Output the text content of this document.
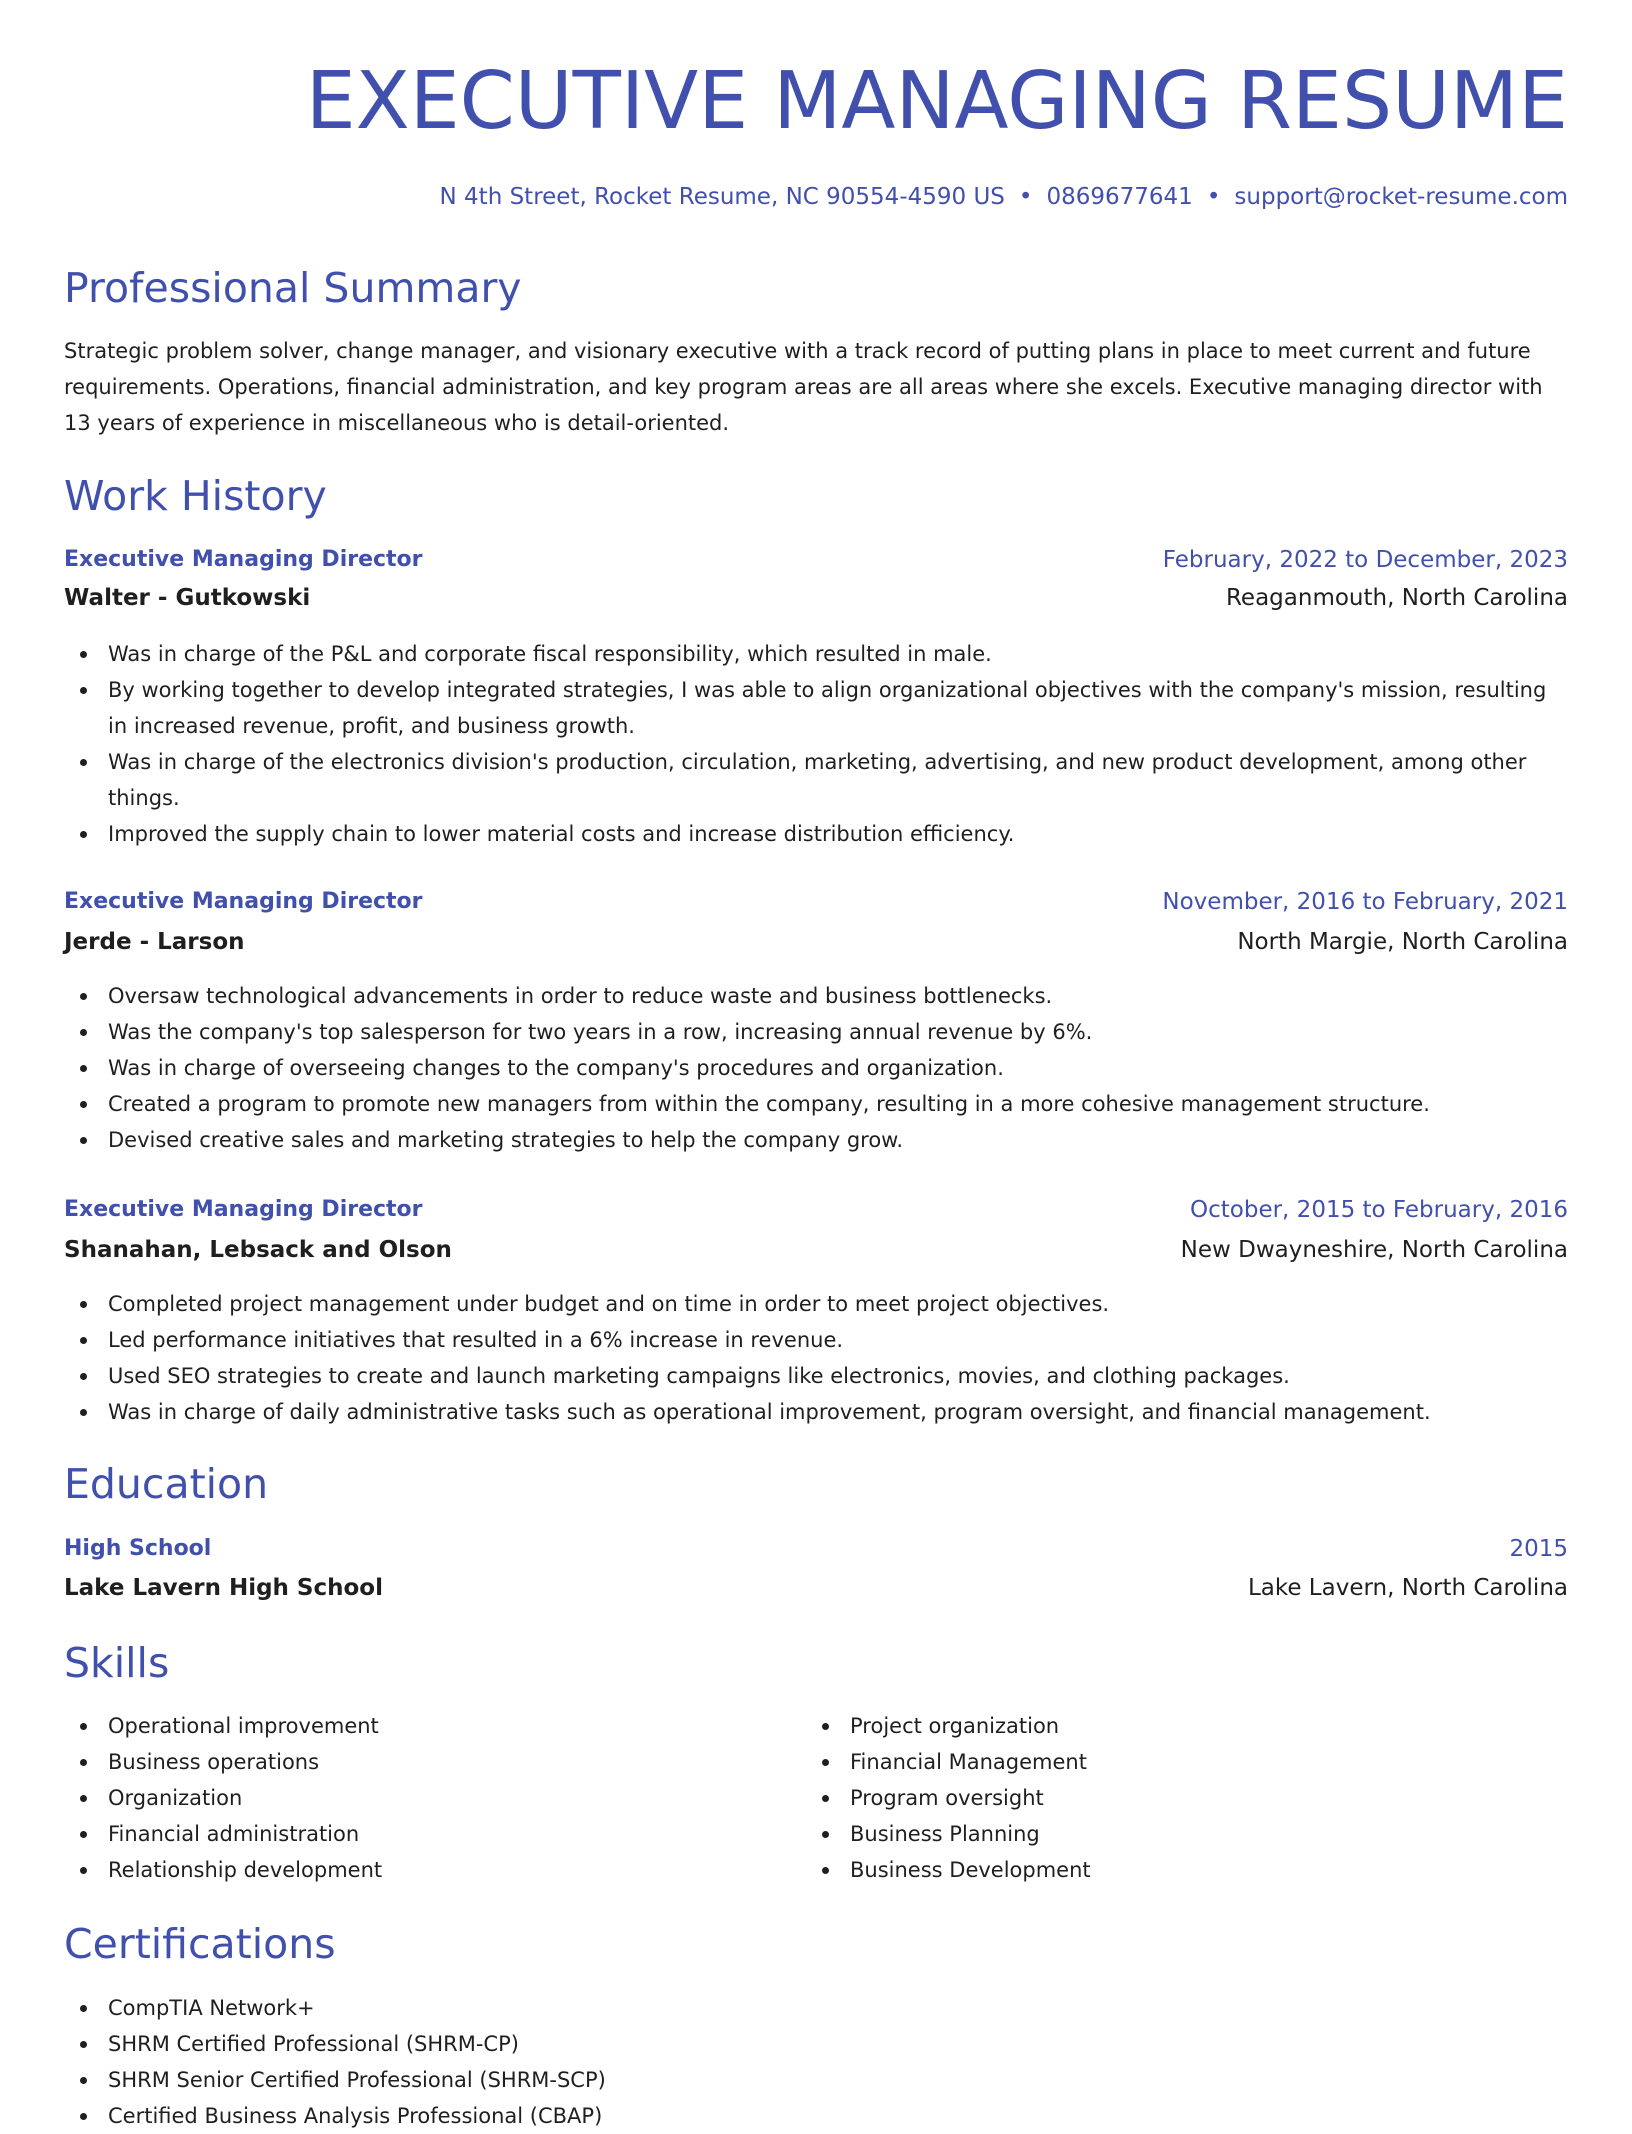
EXECUTIVE MANAGING RESUME
N 4th Street, Rocket Resume, NC 90554-4590 US • 0869677641 • support@rocket-resume.com
Professional Summary
Strategic problem solver, change manager, and visionary executive with a track record of putting plans in place to meet current and future requirements. Operations, financial administration, and key program areas are all areas where she excels. Executive managing director with 13 years of experience in miscellaneous who is detail-oriented.
Work History
Executive Managing Director	February, 2022 to December, 2023
Walter - Gutkowski	Reaganmouth, North Carolina
Was in charge of the P&L and corporate fiscal responsibility, which resulted in male.
By working together to develop integrated strategies, I was able to align organizational objectives with the company's mission, resulting in increased revenue, profit, and business growth.
Was in charge of the electronics division's production, circulation, marketing, advertising, and new product development, among other things.
Improved the supply chain to lower material costs and increase distribution efficiency.
Executive Managing Director	November, 2016 to February, 2021
Jerde - Larson	North Margie, North Carolina
Oversaw technological advancements in order to reduce waste and business bottlenecks.
Was the company's top salesperson for two years in a row, increasing annual revenue by 6%.
Was in charge of overseeing changes to the company's procedures and organization.
Created a program to promote new managers from within the company, resulting in a more cohesive management structure.
Devised creative sales and marketing strategies to help the company grow.
Executive Managing Director	October, 2015 to February, 2016
Shanahan, Lebsack and Olson	New Dwayneshire, North Carolina
Completed project management under budget and on time in order to meet project objectives.
Led performance initiatives that resulted in a 6% increase in revenue.
Used SEO strategies to create and launch marketing campaigns like electronics, movies, and clothing packages.
Was in charge of daily administrative tasks such as operational improvement, program oversight, and financial management.
Education
High School	2015
Lake Lavern High School	Lake Lavern, North Carolina
Skills
Operational improvement
Business operations
Organization
Financial administration
Relationship development
Project organization
Financial Management
Program oversight
Business Planning
Business Development
Certifications
CompTIA Network+
SHRM Certified Professional (SHRM-CP)
SHRM Senior Certified Professional (SHRM-SCP)
Certified Business Analysis Professional (CBAP)
